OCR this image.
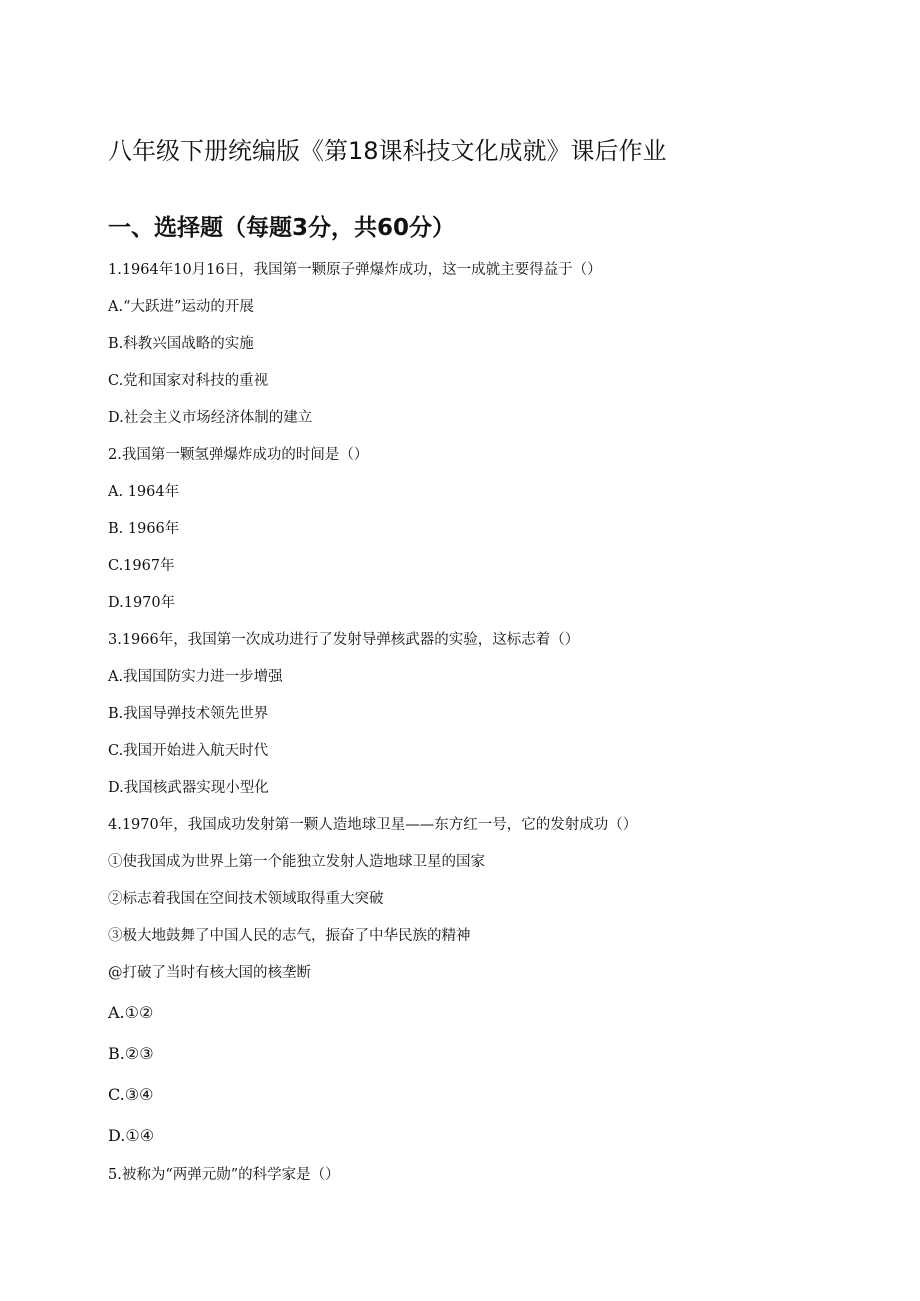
八年级下册统编版《第18课科技文化成就》课后作业
一、选择题（每题3分，共60分）
1.1964年10月16日，我国第一颗原子弹爆炸成功，这一成就主要得益于（）
A.“大跃进”运动的开展
B.科教兴国战略的实施
C.党和国家对科技的重视
D.社会主义市场经济体制的建立
2.我国第一颗氢弹爆炸成功的时间是（）
A. 1964年
B. 1966年
C.1967年
D.1970年
3.1966年，我国第一次成功进行了发射导弹核武器的实验，这标志着（）
A.我国国防实力进一步增强
B.我国导弹技术领先世界
C.我国开始进入航天时代
D.我国核武器实现小型化
4.1970年，我国成功发射第一颗人造地球卫星——东方红一号，它的发射成功（）
①使我国成为世界上第一个能独立发射人造地球卫星的国家
②标志着我国在空间技术领域取得重大突破
③极大地鼓舞了中国人民的志气，振奋了中华民族的精神
@打破了当时有核大国的核垄断
A.①②
B.②③
C.③④
D.①④
5.被称为“两弹元勋”的科学家是（）
